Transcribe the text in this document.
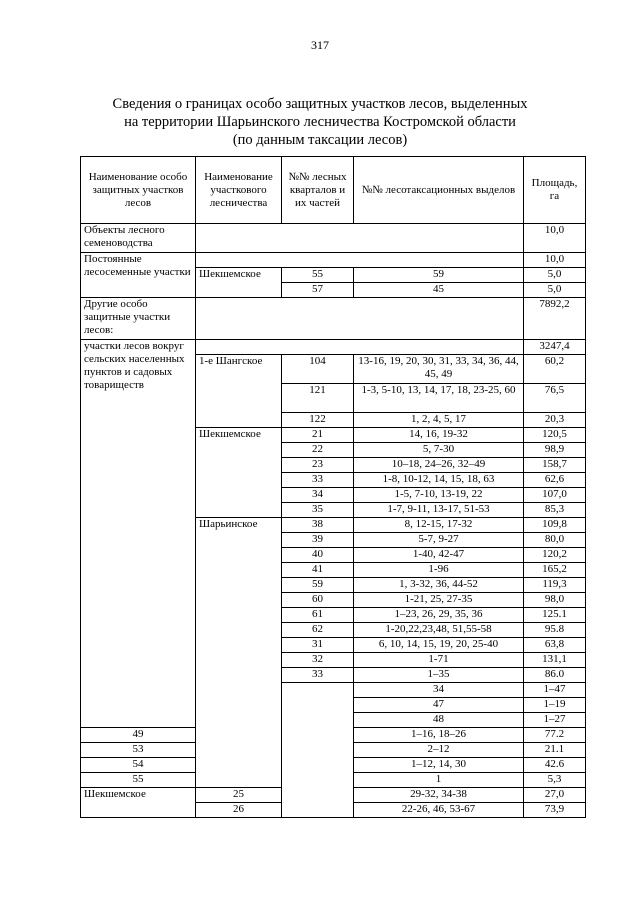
317
Сведения о границах особо защитных участков лесов, выделенных
на территории Шарьинского лесничества Костромской области
(по данным таксации лесов)
Наименование особо защитных участков лесов	Наименование участкового лесничества	№№ лесных кварталов и их частей	№№ лесотаксационных выделов	Площадь, га	
Объекты лесного семеноводства				10,0	
Постоянные лесосеменные участки				10,0	
	Шекшемское	55	59	5,0	
		57	45	5,0	
Другие особо защитные участки лесов:				7892,2	
участки лесов вокруг сельских населенных пунктов и садовых товариществ				3247,4	
	1-е Шангское	104	13-16, 19, 20, 30, 31, 33, 34, 36, 44, 45, 49	60,2	
		121	1-3, 5-10, 13, 14, 17, 18, 23-25, 60	76,5	
		122	1, 2, 4, 5, 17	20,3	
	Шекшемское	21	14, 16, 19-32	120,5	
		22	5, 7-30	98,9	
		23	10–18, 24–26, 32–49	158,7	
		33	1-8, 10-12, 14, 15, 18, 63	62,6	
		34	1-5, 7-10, 13-19, 22	107,0	
		35	1-7, 9-11, 13-17, 51-53	85,3	
	Шарьинское	38	8, 12-15, 17-32	109,8	
		39	5-7, 9-27	80,0	
		40	1-40, 42-47	120,2	
		41	1-96	165,2	
		59	1, 3-32, 36, 44-52	119,3	
		60	1-21, 25, 27-35	98,0	
		61	1–23, 26, 29, 35, 36	125.1	
		62	1-20,22,23,48, 51,55-58	95.8	
		31	6, 10, 14, 15, 19, 20, 25-40	63,8	
		32	1-71	131,1	
		33	1–35	86.0	
			34	1–47	
			47	1–19	
			48	1–27	
49			1–16, 18–26	77.2	
53			2–12	21.1	
54			1–12, 14, 30	42.6	
55			1	5,3	
Шекшемское	25		29-32, 34-38	27,0	
	26		22-26, 46, 53-67	73,9	
